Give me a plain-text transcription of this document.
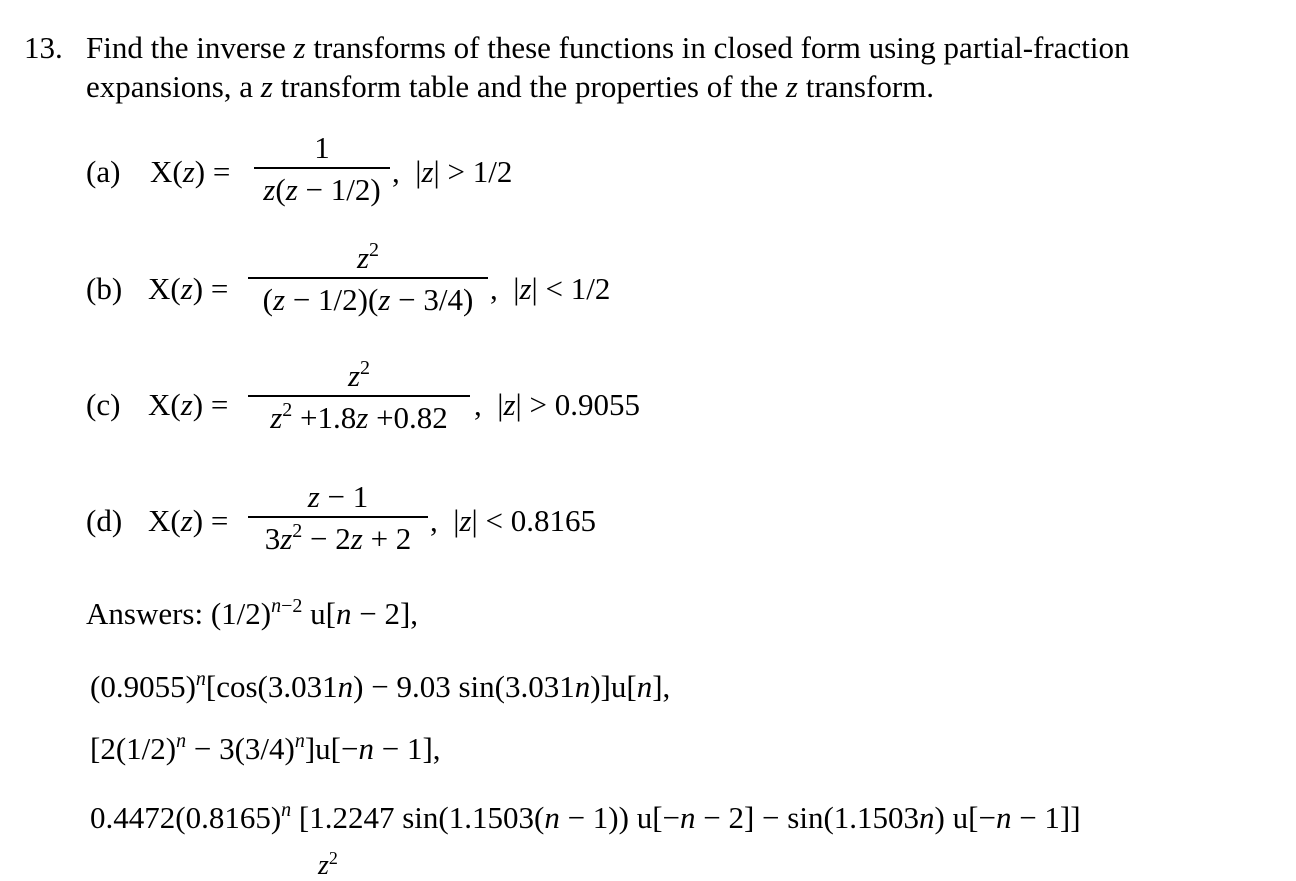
13. Find the inverse z transforms of these functions in closed form using partial-fraction
expansions, a z transform table and the properties of the z transform.
(a) X(z) =
1
z(z − 1/2)
,  |z| > 1/2
(b) X(z) =
$z^2$
(z − 1/2)(z − 3/4) ,  |z| < 1/2
(c) X(z) =
$z^2$
$z^2 +1.8z +0.82$ ,  |z| > 0.9055
(d) X(z) =
z − 1
$3z^2 - 2z + 2$
,  |z| < 0.8165
Answers: $(1/2)^{n-2}$ u[n − 2],
$(0.9055)^n[\cos(3.031n) - 9.03$ sin(3.031n)]u[n],
$[2(1/2)^n - 3(3/4)^n]u[-n - 1]$,
$0.4472(0.8165)^n$ [1.2247 sin(1.1503(n − 1)) u[−n − 2] − sin(1.1503n) u[−n − 1]]
$z^2$
